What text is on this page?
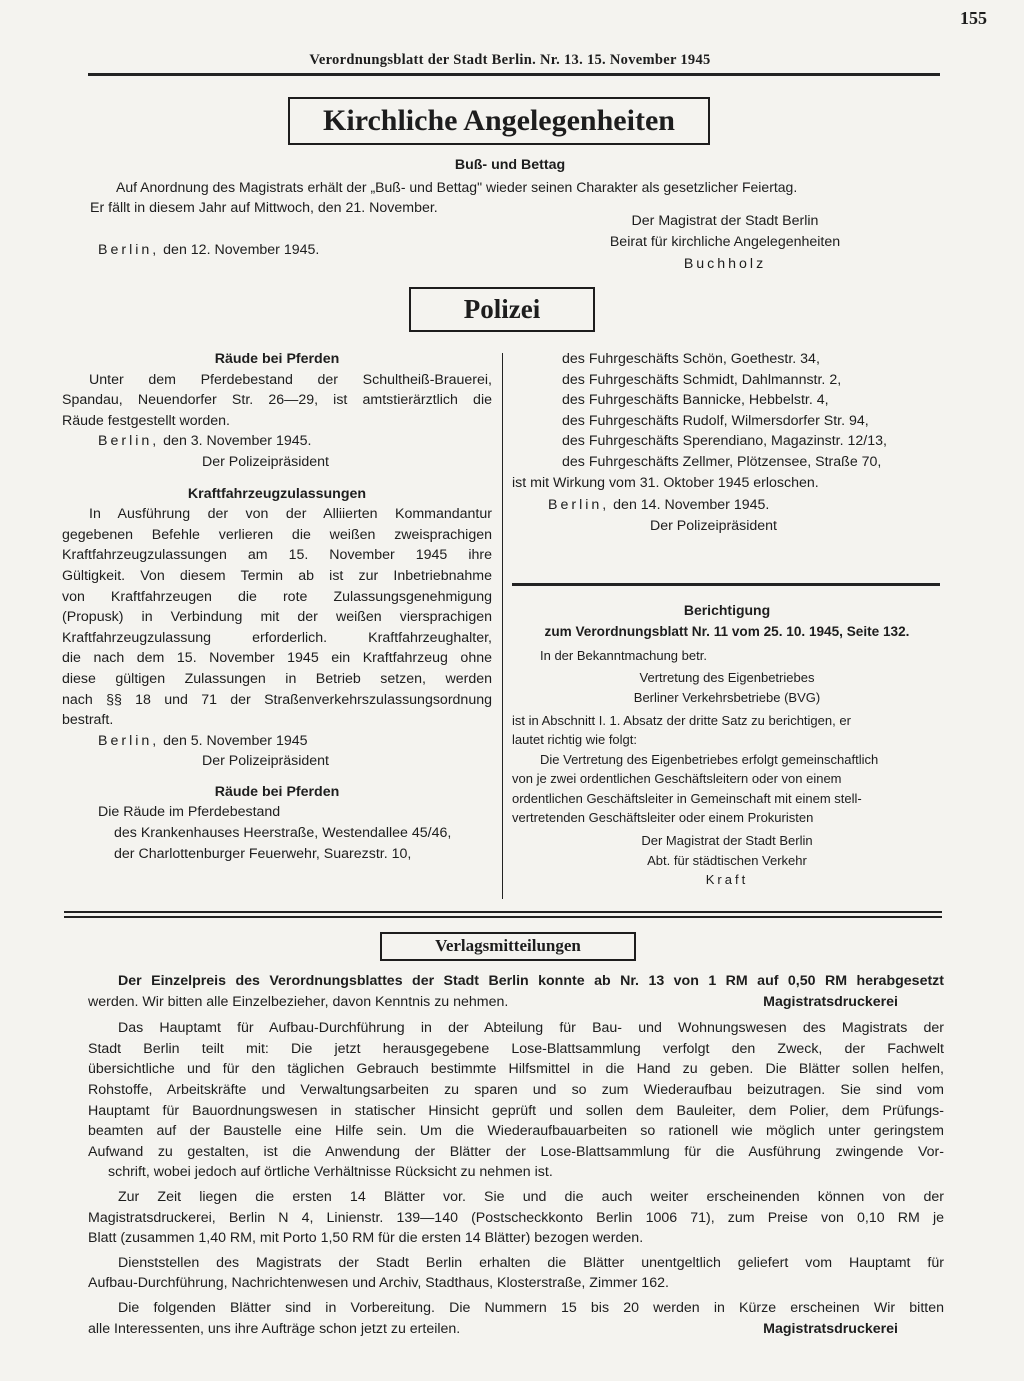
155
Verordnungsblatt der Stadt Berlin. Nr. 13. 15. November 1945
Kirchliche Angelegenheiten
Buß- und Bettag
Auf Anordnung des Magistrats erhält der „Buß- und Bettag" wieder seinen Charakter als gesetzlicher Feiertag.
Er fällt in diesem Jahr auf Mittwoch, den 21. November.
Berlin, den 12. November 1945.
Der Magistrat der Stadt Berlin
Beirat für kirchliche Angelegenheiten
Buchholz
Polizei
Räude bei Pferden

Unter dem Pferdebestand der Schultheiß-Brauerei,

Spandau, Neuendorfer Str. 26—29, ist amtstierärztlich die

Räude festgestellt worden.

Berlin, den 3. November 1945.

Der Polizeipräsident

Kraftfahrzeugzulassungen

In Ausführung der von der Alliierten Kommandantur

gegebenen Befehle verlieren die weißen zweisprachigen

Kraftfahrzeugzulassungen am 15. November 1945 ihre

Gültigkeit. Von diesem Termin ab ist zur Inbetriebnahme

von Kraftfahrzeugen die rote Zulassungsgenehmigung

(Propusk) in Verbindung mit der weißen viersprachigen

Kraftfahrzeugzulassung erforderlich. Kraftfahrzeughalter,

die nach dem 15. November 1945 ein Kraftfahrzeug ohne

diese gültigen Zulassungen in Betrieb setzen, werden

nach §§ 18 und 71 der Straßenverkehrszulassungsordnung

bestraft.

Berlin, den 5. November 1945

Der Polizeipräsident

Räude bei Pferden

Die Räude im Pferdebestand

des Krankenhauses Heerstraße, Westendallee 45/46,

der Charlottenburger Feuerwehr, Suarezstr. 10,

des Fuhrgeschäfts Schön, Goethestr. 34,

des Fuhrgeschäfts Schmidt, Dahlmannstr. 2,

des Fuhrgeschäfts Bannicke, Hebbelstr. 4,

des Fuhrgeschäfts Rudolf, Wilmersdorfer Str. 94,

des Fuhrgeschäfts Sperendiano, Magazinstr. 12/13,

des Fuhrgeschäfts Zellmer, Plötzensee, Straße 70,

ist mit Wirkung vom 31. Oktober 1945 erloschen.

Berlin, den 14. November 1945.

Der Polizeipräsident

Berichtigung
zum Verordnungsblatt Nr. 11 vom 25. 10. 1945, Seite 132.

In der Bekanntmachung betr.

Vertretung des Eigenbetriebes

Berliner Verkehrsbetriebe (BVG)

ist in Abschnitt I. 1. Absatz der dritte Satz zu berichtigen, er

lautet richtig wie folgt:

Die Vertretung des Eigenbetriebes erfolgt gemeinschaftlich

von je zwei ordentlichen Geschäftsleitern oder von einem

ordentlichen Geschäftsleiter in Gemeinschaft mit einem stell-

vertretenden Geschäftsleiter oder einem Prokuristen

Der Magistrat der Stadt Berlin

Abt. für städtischen Verkehr

Kraft

Verlagsmitteilungen

Der Einzelpreis des Verordnungsblattes der Stadt Berlin konnte ab Nr. 13 von 1 RM auf 0,50 RM herabgesetzt

werden. Wir bitten alle Einzelbezieher, davon Kenntnis zu nehmen.	Magistratsdruckerei

Das Hauptamt für Aufbau-Durchführung in der Abteilung für Bau- und Wohnungswesen des Magistrats der

Stadt Berlin teilt mit: Die jetzt herausgegebene Lose-Blattsammlung verfolgt den Zweck, der Fachwelt

übersichtliche und für den täglichen Gebrauch bestimmte Hilfsmittel in die Hand zu geben. Die Blätter sollen helfen,

Rohstoffe, Arbeitskräfte und Verwaltungsarbeiten zu sparen und so zum Wiederaufbau beizutragen. Sie sind vom

Hauptamt für Bauordnungswesen in statischer Hinsicht geprüft und sollen dem Bauleiter, dem Polier, dem Prüfungs-

beamten auf der Baustelle eine Hilfe sein. Um die Wiederaufbauarbeiten so rationell wie möglich unter geringstem

Aufwand zu gestalten, ist die Anwendung der Blätter der Lose-Blattsammlung für die Ausführung zwingende Vor-

schrift, wobei jedoch auf örtliche Verhältnisse Rücksicht zu nehmen ist.

Zur Zeit liegen die ersten 14 Blätter vor. Sie und die auch weiter erscheinenden können von der

Magistratsdruckerei, Berlin N 4, Linienstr. 139—140 (Postscheckkonto Berlin 1006 71), zum Preise von 0,10 RM je

Blatt (zusammen 1,40 RM, mit Porto 1,50 RM für die ersten 14 Blätter) bezogen werden.

Dienststellen des Magistrats der Stadt Berlin erhalten die Blätter unentgeltlich geliefert vom Hauptamt für

Aufbau-Durchführung, Nachrichtenwesen und Archiv, Stadthaus, Klosterstraße, Zimmer 162.

Die folgenden Blätter sind in Vorbereitung. Die Nummern 15 bis 20 werden in Kürze erscheinen Wir bitten

alle Interessenten, uns ihre Aufträge schon jetzt zu erteilen.	Magistratsdruckerei
